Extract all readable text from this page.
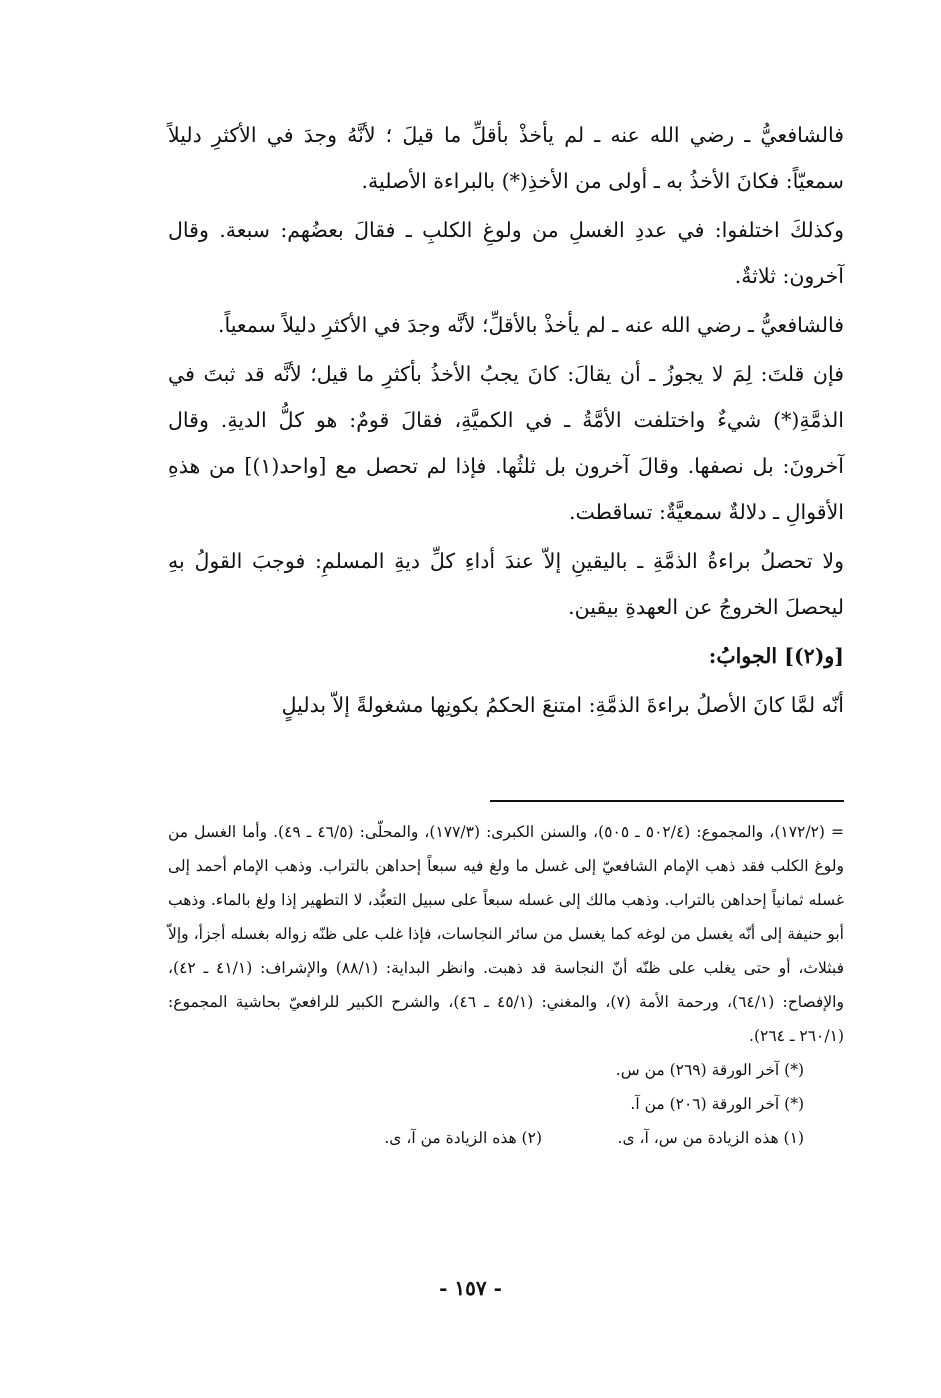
فالشافعيُّ ـ رضي الله عنه ـ لم يأخذْ بأقلِّ ما قيلَ ؛ لأنَّهُ وجدَ في الأكثرِ دليلاً سمعيّاً: فكانَ الأخذُ به ـ أولى من الأخذِ(*) بالبراءة الأصلية.

وكذلكَ اختلفوا: في عددِ الغسلِ من ولوغِ الكلبِ ـ فقالَ بعضُهم: سبعة. وقال آخرون: ثلاثةٌ.

فالشافعيُّ ـ رضي الله عنه ـ لم يأخذْ بالأقلِّ؛ لأنَّه وجدَ في الأكثرِ دليلاً سمعياً.

فإن قلتَ: لِمَ لا يجوزُ ـ أن يقالَ: كانَ يجبُ الأخذُ بأكثرِ ما قيل؛ لأنَّه قد ثبتَ في الذمَّةِ(*) شيءٌ واختلفت الأمَّةُ ـ في الكميَّةِ، فقالَ قومٌ: هو كلُّ الديةِ. وقال آخرونَ: بل نصفها. وقالَ آخرون بل ثلثُها. فإذا لم تحصل مع [واحد(١)] من هذهِ الأقوالِ ـ دلالةٌ سمعيَّةٌ: تساقطت.

ولا تحصلُ براءةُ الذمَّةِ ـ باليقينِ إلاّ عندَ أداءِ كلِّ ديةِ المسلمِ: فوجبَ القولُ بهِ ليحصلَ الخروجُ عن العهدةِ بيقين.

[و(٢)] الجوابُ:

أنّه لمَّا كانَ الأصلُ براءةَ الذمَّةِ: امتنعَ الحكمُ بكونِها مشغولةً إلاّ بدليلٍ

= (١٧٢/٢)، والمجموع: (٥٠٢/٤ ـ ٥٠٥)، والسنن الكبرى: (١٧٧/٣)، والمحلّى: (٤٦/٥ ـ ٤٩). وأما الغسل من ولوغ الكلب فقد ذهب الإمام الشافعيّ إلى غسل ما ولغ فيه سبعاً إحداهن بالتراب. وذهب الإمام أحمد إلى غسله ثمانياً إحداهن بالتراب. وذهب مالك إلى غسله سبعاً على سبيل التعبُّد، لا التطهير إذا ولغ بالماء. وذهب أبو حنيفة إلى أنّه يغسل من لوغه كما يغسل من سائر النجاسات، فإذا غلب على ظنّه زواله بغسله أجزأ، وإلاّ فبثلاث، أو حتى يغلب على ظنّه أنّ النجاسة قد ذهبت. وانظر البداية: (٨٨/١) والإشراف: (٤١/١ ـ ٤٢)، والإفصاح: (٦٤/١)، ورحمة الأمة (٧)، والمغني: (٤٥/١ ـ ٤٦)، والشرح الكبير للرافعيّ بحاشية المجموع: (٢٦٠/١ ـ ٢٦٤).

(*) آخر الورقة (٢٦٩) من س.

(*) آخر الورقة (٢٠٦) من آ.

(١) هذه الزيادة من س، آ، ى.
(٢) هذه الزيادة من آ، ى.
- ١٥٧ -
